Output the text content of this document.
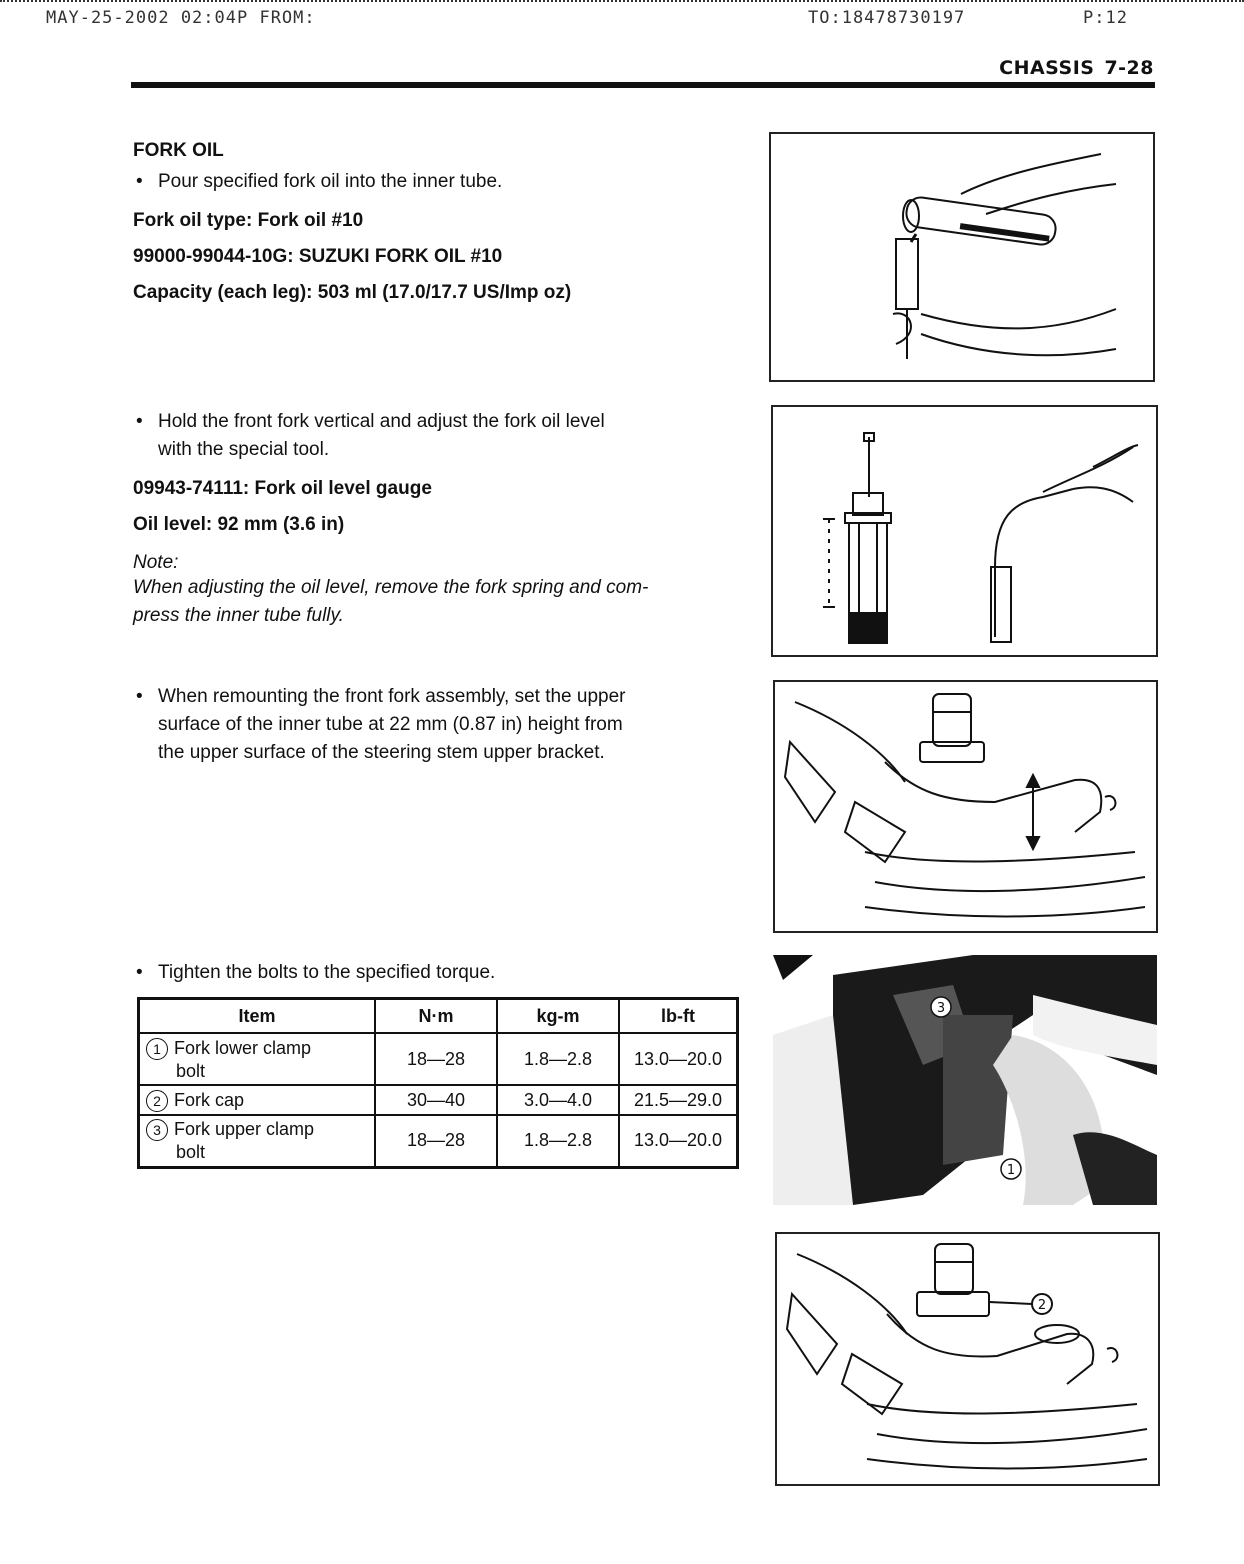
MAY-25-2002 02:04P FROM:	TO:18478730197	P:12
CHASSIS 7-28
FORK OIL

• Pour specified fork oil into the inner tube.

Fork oil type: Fork oil #10
99000-99044-10G: SUZUKI FORK OIL #10
Capacity (each leg): 503 ml (17.0/17.7 US/Imp oz)

• Hold the front fork vertical and adjust the fork oil level
with the special tool.

09943-74111: Fork oil level gauge
Oil level: 92 mm (3.6 in)
Note:
When adjusting the oil level, remove the fork spring and com-
press the inner tube fully.

• When remounting the front fork assembly, set the upper
surface of the inner tube at 22 mm (0.87 in) height from
the upper surface of the steering stem upper bracket.

• Tighten the bolts to the specified torque.

Item	N·m	kg-m	lb-ft
1 Fork lower clamp
bolt	18—28	1.8—2.8	13.0—20.0
2 Fork cap	30—40	3.0—4.0	21.5—29.0
3 Fork upper clamp
bolt	18—28	1.8—2.8	13.0—20.0
3
1
2
